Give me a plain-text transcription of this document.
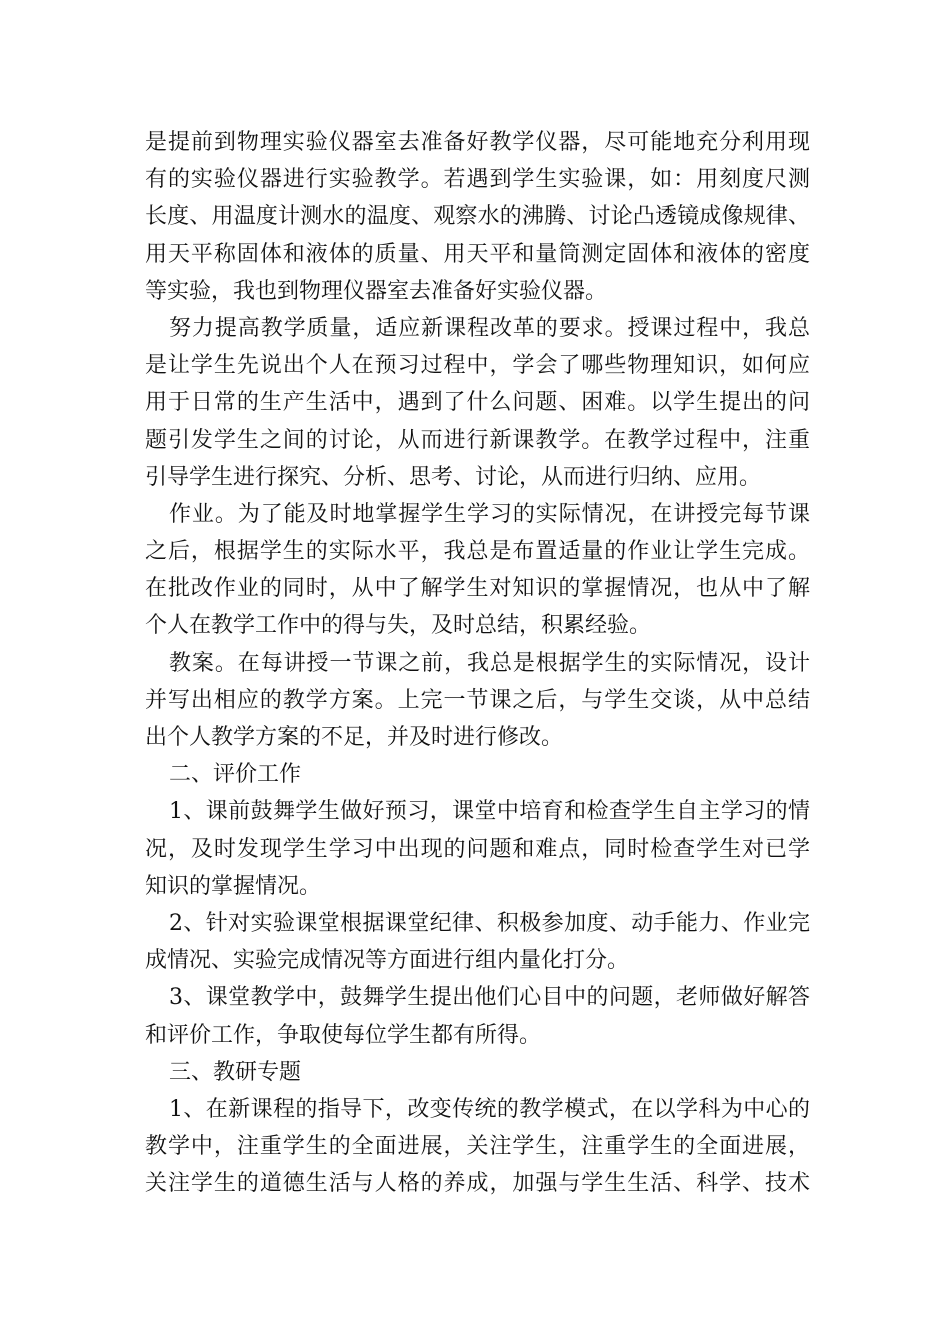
是提前到物理实验仪器室去准备好教学仪器，尽可能地充分利用现
有的实验仪器进行实验教学。若遇到学生实验课，如：用刻度尺测
长度、用温度计测水的温度、观察水的沸腾、讨论凸透镜成像规律、
用天平称固体和液体的质量、用天平和量筒测定固体和液体的密度
等实验，我也到物理仪器室去准备好实验仪器。
努力提高教学质量，适应新课程改革的要求。授课过程中，我总
是让学生先说出个人在预习过程中，学会了哪些物理知识，如何应
用于日常的生产生活中，遇到了什么问题、困难。以学生提出的问
题引发学生之间的讨论，从而进行新课教学。在教学过程中，注重
引导学生进行探究、分析、思考、讨论，从而进行归纳、应用。
作业。为了能及时地掌握学生学习的实际情况，在讲授完每节课
之后，根据学生的实际水平，我总是布置适量的作业让学生完成。
在批改作业的同时，从中了解学生对知识的掌握情况，也从中了解
个人在教学工作中的得与失，及时总结，积累经验。
教案。在每讲授一节课之前，我总是根据学生的实际情况，设计
并写出相应的教学方案。上完一节课之后，与学生交谈，从中总结
出个人教学方案的不足，并及时进行修改。
二、评价工作
1、课前鼓舞学生做好预习，课堂中培育和检查学生自主学习的情
况，及时发现学生学习中出现的问题和难点，同时检查学生对已学
知识的掌握情况。
2、针对实验课堂根据课堂纪律、积极参加度、动手能力、作业完
成情况、实验完成情况等方面进行组内量化打分。
3、课堂教学中，鼓舞学生提出他们心目中的问题，老师做好解答
和评价工作，争取使每位学生都有所得。
三、教研专题
1、在新课程的指导下，改变传统的教学模式，在以学科为中心的
教学中，注重学生的全面进展，关注学生，注重学生的全面进展，
关注学生的道德生活与人格的养成，加强与学生生活、科学、技术
